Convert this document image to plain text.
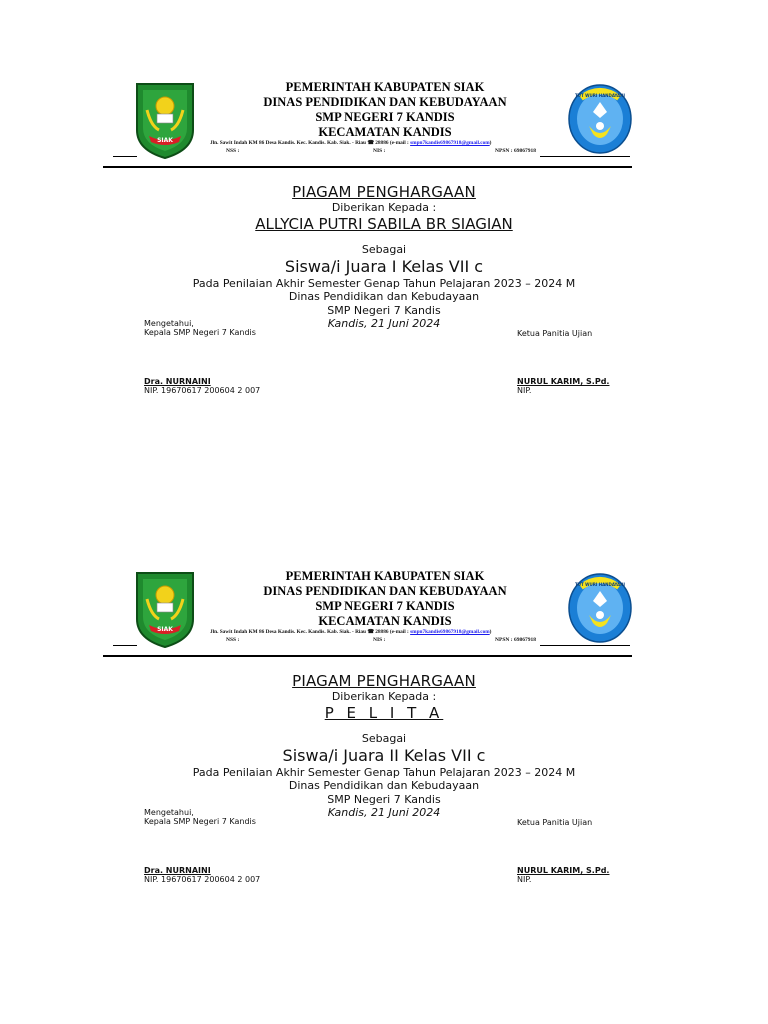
SIAK
TUT WURI HANDAYANI
PEMERINTAH KABUPATEN SIAK
DINAS PENDIDIKAN DAN KEBUDAYAAN
SMP NEGERI 7 KANDIS
KECAMATAN KANDIS
Jln. Sawit Indah KM 86 Desa Kandis. Kec. Kandis. Kab. Siak. - Riau ☎ 28886 (e-mail : smpn7kandis69867918@gmail.com)
NSS :	NIS :	NPSN : 69867918
PIAGAM PENGHARGAAN
Diberikan Kepada :
ALLYCIA PUTRI SABILA BR SIAGIAN
Sebagai
Siswa/i Juara I Kelas VII c
Pada Penilaian Akhir Semester Genap Tahun Pelajaran 2023 – 2024 M
Dinas Pendidikan dan Kebudayaan
SMP Negeri 7 Kandis
Kandis, 21 Juni 2024
Mengetahui,
Kepala SMP Negeri 7 Kandis	Ketua Panitia Ujian
Dra. NURNAINI
NIP. 19670617 200604 2 007
NURUL KARIM, S.Pd.
NIP.
SIAK
TUT WURI HANDAYANI
PEMERINTAH KABUPATEN SIAK
DINAS PENDIDIKAN DAN KEBUDAYAAN
SMP NEGERI 7 KANDIS
KECAMATAN KANDIS
Jln. Sawit Indah KM 86 Desa Kandis. Kec. Kandis. Kab. Siak. - Riau ☎ 28886 (e-mail : smpn7kandis69867918@gmail.com)
NSS :	NIS :	NPSN : 69867918
PIAGAM PENGHARGAAN
Diberikan Kepada :
P E L I T A
Sebagai
Siswa/i Juara II Kelas VII c
Pada Penilaian Akhir Semester Genap Tahun Pelajaran 2023 – 2024 M
Dinas Pendidikan dan Kebudayaan
SMP Negeri 7 Kandis
Kandis, 21 Juni 2024
Mengetahui,
Kepala SMP Negeri 7 Kandis	Ketua Panitia Ujian
Dra. NURNAINI
NIP. 19670617 200604 2 007
NURUL KARIM, S.Pd.
NIP.
